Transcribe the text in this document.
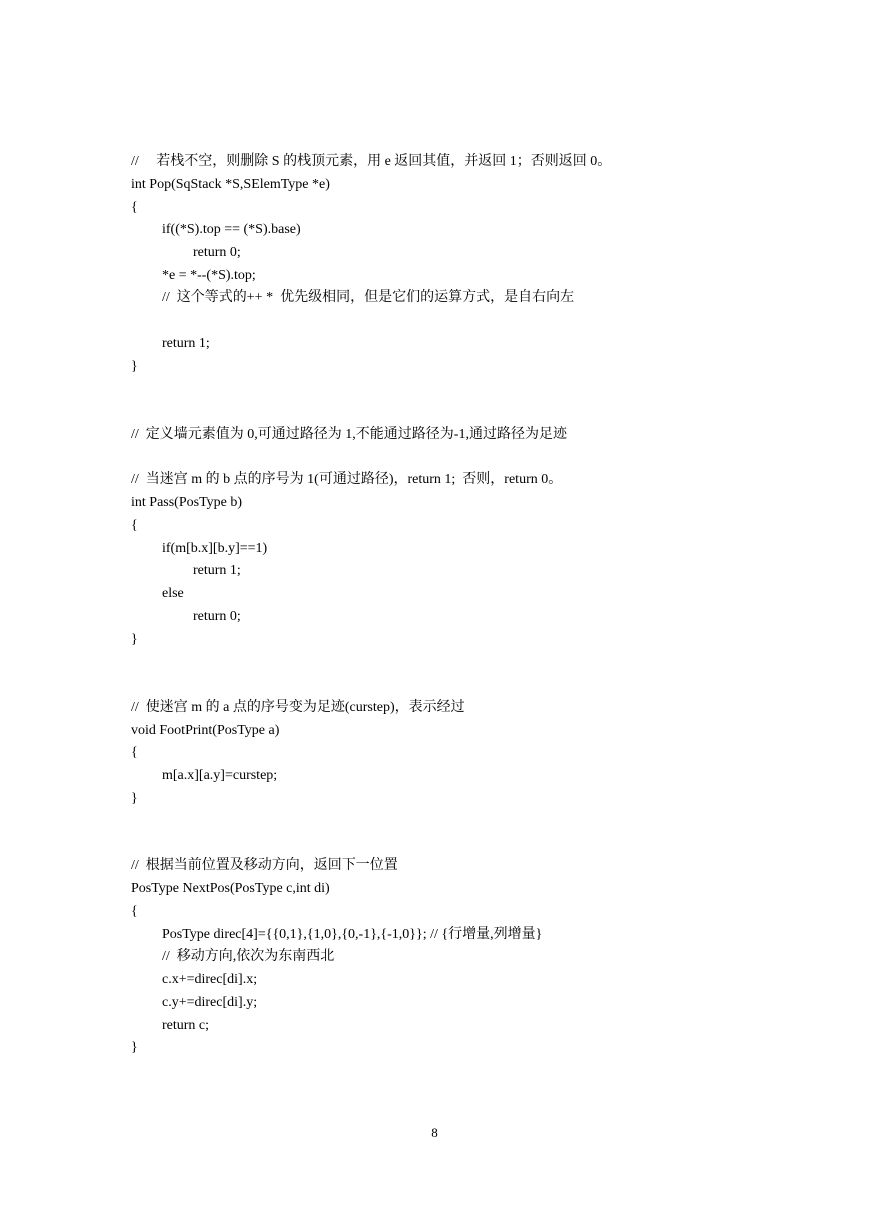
//     若栈不空，则删除 S 的栈顶元素，用 e 返回其值，并返回 1；否则返回 0。
int Pop(SqStack *S,SElemType *e)
{
if((*S).top == (*S).base)
return 0;
*e = *--(*S).top;
//  这个等式的++ *  优先级相同，但是它们的运算方式，是自右向左
return 1;
}
//  定义墙元素值为 0,可通过路径为 1,不能通过路径为-1,通过路径为足迹
//  当迷宫 m 的 b 点的序号为 1(可通过路径)，return 1;  否则，return 0。
int Pass(PosType b)
{
if(m[b.x][b.y]==1)
return 1;
else
return 0;
}
//  使迷宫 m 的 a 点的序号变为足迹(curstep)，表示经过
void FootPrint(PosType a)
{
m[a.x][a.y]=curstep;
}
//  根据当前位置及移动方向，返回下一位置
PosType NextPos(PosType c,int di)
{
PosType direc[4]={{0,1},{1,0},{0,-1},{-1,0}}; // {行增量,列增量}
//  移动方向,依次为东南西北
c.x+=direc[di].x;
c.y+=direc[di].y;
return c;
}
8
